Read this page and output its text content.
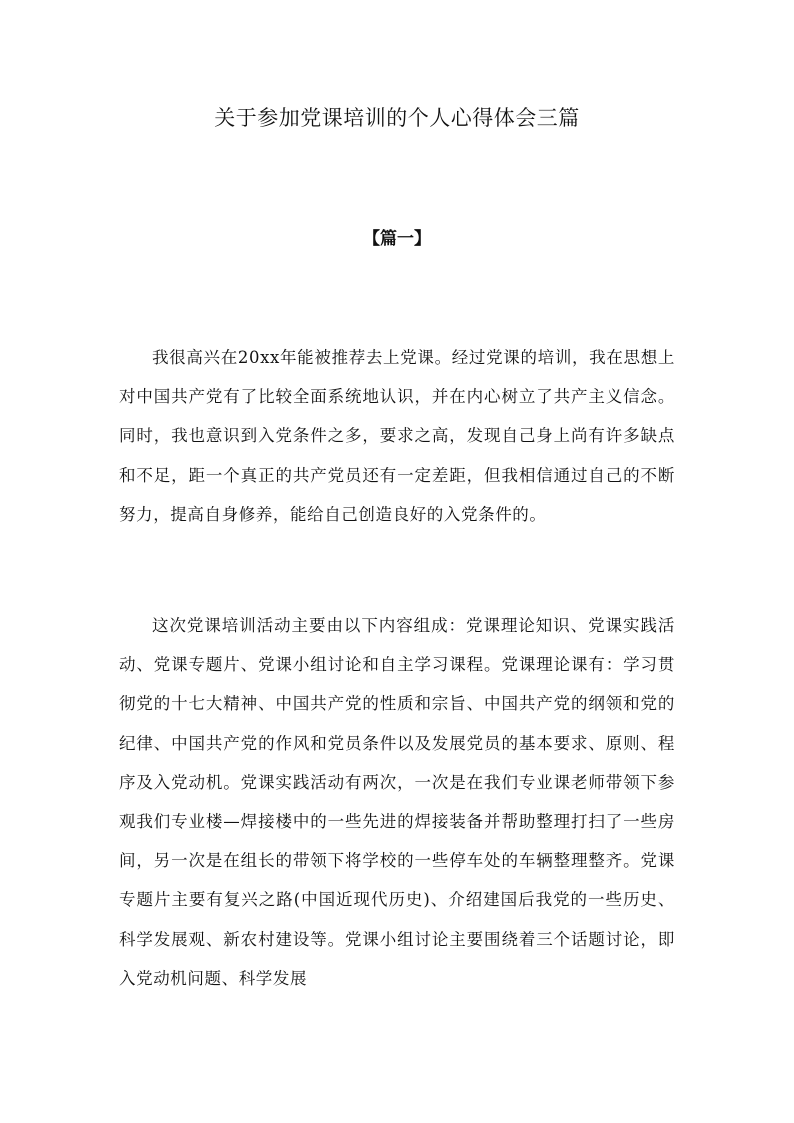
关于参加党课培训的个人心得体会三篇
【篇一】

我很高兴在20xx年能被推荐去上党课。经过党课的培训，我在思想上对中国共产党有了比较全面系统地认识，并在内心树立了共产主义信念。同时，我也意识到入党条件之多，要求之高，发现自己身上尚有许多缺点和不足，距一个真正的共产党员还有一定差距，但我相信通过自己的不断努力，提高自身修养，能给自己创造良好的入党条件的。

这次党课培训活动主要由以下内容组成：党课理论知识、党课实践活动、党课专题片、党课小组讨论和自主学习课程。党课理论课有：学习贯彻党的十七大精神、中国共产党的性质和宗旨、中国共产党的纲领和党的纪律、中国共产党的作风和党员条件以及发展党员的基本要求、原则、程序及入党动机。党课实践活动有两次，一次是在我们专业课老师带领下参观我们专业楼—焊接楼中的一些先进的焊接装备并帮助整理打扫了一些房间，另一次是在组长的带领下将学校的一些停车处的车辆整理整齐。党课专题片主要有复兴之路(中国近现代历史)、介绍建国后我党的一些历史、科学发展观、新农村建设等。党课小组讨论主要围绕着三个话题讨论，即入党动机问题、科学发展
